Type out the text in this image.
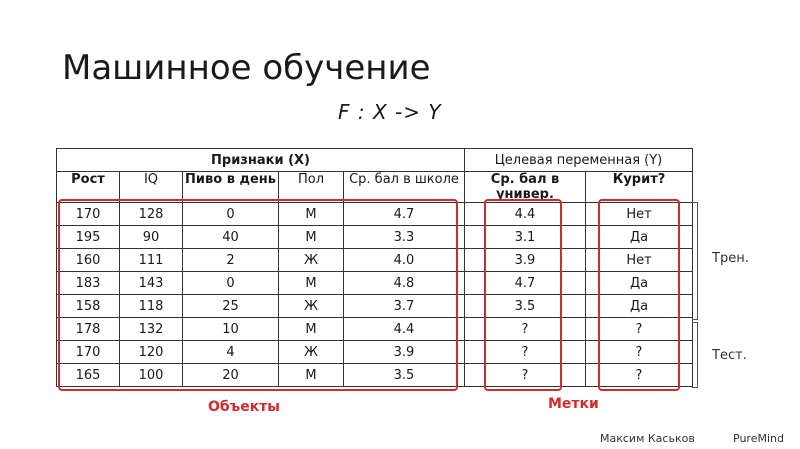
Машинное обучение
F : X -> Y
Признаки (X)					Целевая переменная (Y)	
Рост	IQ	Пиво в день	Пол	Ср. бал в школе	Ср. бал в универ.	Курит?
170	128	0	М	4.7	4.4	Нет
195	90	40	М	3.3	3.1	Да
160	111	2	Ж	4.0	3.9	Нет
183	143	0	М	4.8	4.7	Да
158	118	25	Ж	3.7	3.5	Да
178	132	10	М	4.4	?	?
170	120	4	Ж	3.9	?	?
165	100	20	М	3.5	?	?
Объекты	Метки
Трен.
Тест.
Максим Каськов	PureMind
